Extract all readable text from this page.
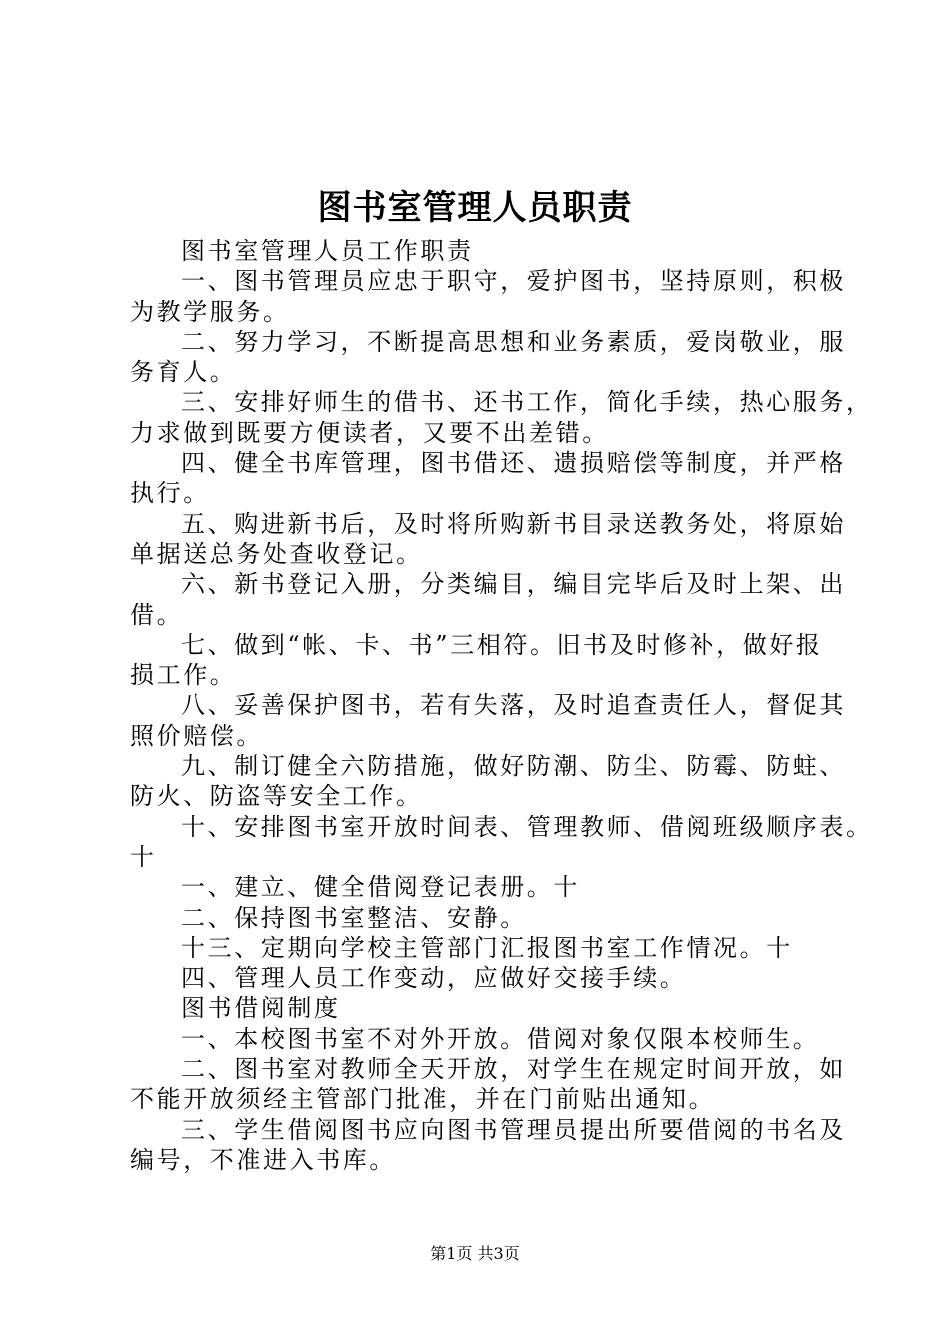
图书室管理人员职责
图书室管理人员工作职责
一、图书管理员应忠于职守，爱护图书，坚持原则，积极
为教学服务。
二、努力学习，不断提高思想和业务素质，爱岗敬业，服
务育人。
三、安排好师生的借书、还书工作，简化手续，热心服务，
力求做到既要方便读者，又要不出差错。
四、健全书库管理，图书借还、遗损赔偿等制度，并严格
执行。
五、购进新书后，及时将所购新书目录送教务处，将原始
单据送总务处查收登记。
六、新书登记入册，分类编目，编目完毕后及时上架、出
借。
七、做到“帐、卡、书”三相符。旧书及时修补，做好报
损工作。
八、妥善保护图书，若有失落，及时追查责任人，督促其
照价赔偿。
九、制订健全六防措施，做好防潮、防尘、防霉、防蛀、
防火、防盗等安全工作。
十、安排图书室开放时间表、管理教师、借阅班级顺序表。
十
一、建立、健全借阅登记表册。十
二、保持图书室整洁、安静。
十三、定期向学校主管部门汇报图书室工作情况。十
四、管理人员工作变动，应做好交接手续。
图书借阅制度
一、本校图书室不对外开放。借阅对象仅限本校师生。
二、图书室对教师全天开放，对学生在规定时间开放，如
不能开放须经主管部门批准，并在门前贴出通知。
三、学生借阅图书应向图书管理员提出所要借阅的书名及
编号，不准进入书库。
第1页 共3页
